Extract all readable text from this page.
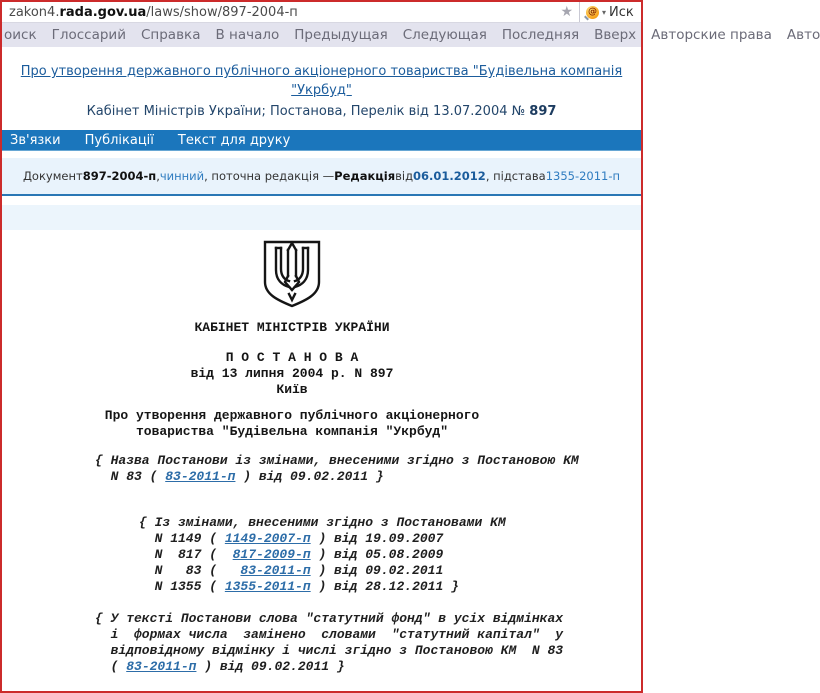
zakon4.rada.gov.ua/laws/show/897-2004-п	★ @ ▾ Иск
оиск Глоссарий Справка В начало Предыдущая Следующая Последняя Вверх Авторские права Авто
Про утворення державного публічного акціонерного товариства "Будівельна компанія "Укрбуд"
Кабінет Міністрів України; Постанова, Перелік від 13.07.2004 № 897
Зв'язки Публікації Текст для друку
Документ 897-2004-п , чинний , поточна редакція — Редакція від 06.01.2012 , підстава 1355-2011-п
КАБІНЕТ МІНІСТРІВ УКРАЇНИ
П О С Т А Н О В А
від 13 липня 2004 р. N 897
Київ
Про утворення державного публічного акціонерного
товариства "Будівельна компанія "Укрбуд"
{ Назва Постанови із змінами, внесеними згідно з Постановою КМ
N 83 ( 83-2011-п ) від 09.02.2011 }
{ Із змінами, внесеними згідно з Постановами КМ
N 1149 ( 1149-2007-п ) від 19.09.2007
N  817 (  817-2009-п ) від 05.08.2009
N   83 (   83-2011-п ) від 09.02.2011
N 1355 ( 1355-2011-п ) від 28.12.2011 }
{ У тексті Постанови слова "статутний фонд" в усіх відмінках
і  формах числа  замінено  словами  "статутний капітал"  у
відповідному відмінку і числі згідно з Постановою КМ  N 83
( 83-2011-п ) від 09.02.2011 }
